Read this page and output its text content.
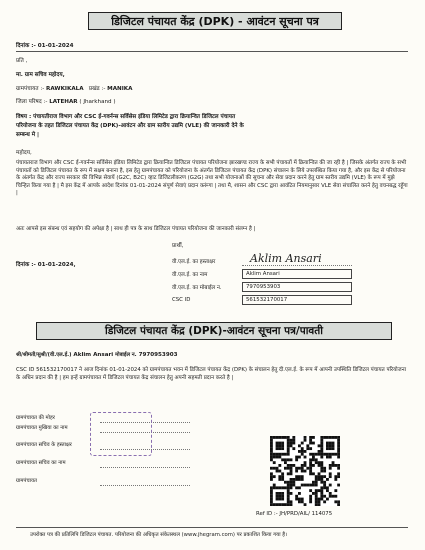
डिजिटल पंचायत केंद्र (DPK) - आवंटन सूचना पत्र
दिनांक :- 01-01-2024
प्रति ,
मा. ग्राम सचिव महोदय,
ग्रामपंचायत :- RAWKIKALA प्रखंड :- MANIKA
जिला परिषद :- LATEHAR ( Jharkhand )
विषय : पंचायतीराज विभाग और CSC ई-गवर्नन्स सर्विसेस इंडिया लिमिटेड द्वारा क्रियान्वित डिजिटल पंचायत
परियोजना के तहत डिजिटल पंचायत केंद्र (DPK)-आवंटन और ग्राम स्तरीय उद्यमि (VLE) की जानकारी देने के
सम्बन्ध मे |
महोदय,
पंचायतराज विभाग और CSC ई-गवर्नन्स सर्विसेस इंडिया लिमिटेड द्वारा क्रियान्वित डिजिटल पंचायत परियोजना झारखण्ड राज्य के सभी पंचायतों में क्रियान्वित की जा रही है | जिसके अंतर्गत राज्य के सभी पंचायतों को डिजिटल पंचायत के रूप में सक्षम बनाना है, इस हेतु ग्रामपंचायत को परियोजना के अंतर्गत डिजिटल पंचायत केंद्र (DPK) संचालन के लिये उपलब्धित किया गया है, और इस केंद्र से परियोजना के अंतर्गत केंद्र और राज्य सरकार की विभिन्न सेवायें (G2C, B2C) व्हाट डिजिटलीकरण (G2G) तथा सभी योजनाओं की सूचना और सेवा प्रदान करने हेतु ग्राम स्तरीय उद्यमि (VLE) के रूप में मुझे चिन्हित किया गया है | मै इस केंद्र में आपके आदेश दिनांक 01-01-2024 संपूर्ण सेवाएं प्रदान करूंगा | तथा मै, शासन और CSC द्वारा आवंटित नियमानुसार VLE सेवा संचालित करने हेतु वचनबद्ध रहूँगा |
अतः आपसे इस संबन्ध एवं सहयोग की अपेक्षा है | साथ ही पत्र के साथ डिजिटल पंचायत परियोजना की जानकारी संलग्न है |
प्रार्थी,
दिनांक :- 01-01-2024,
वी.एल.ई. का हस्ताक्षर
वी.एल.ई. का नाम	Aklim Ansari
वी.एल.ई. का मोबाईल न.	7970953903
CSC ID	561532170017
Aklim Ansari
डिजिटल पंचायत केंद्र (DPK)-आवंटन सूचना पत्र/पावती
श्री/श्रीमती/सुश्री/(वी.एल.ई.) Aklim Ansari मोबाईल न. 7970953903
CSC ID 561532170017 ने आज दिनांक 01-01-2024 को ग्रामपंचायत भवन में डिजिटल पंचायत केंद्र (DPK) के संचालन हेतु दी.एल.ई. के रूप में आपनी उपस्थिति डिजिटल पंचायत परियोजना के अधिन प्रदान की है | हम इन्हें ग्रामपंचायत में डिजिटल पंचायत केंद्र संचालन हेतु अपनी सहमती प्रदान करते है |
ग्रामपंचायत की मोहर
ग्रामपंचायत मुखिया का नाम
ग्रामपंचायत सचिव के हस्ताक्षर
ग्रामपंचायत सचिव का नाम
ग्रामपंचायत
Ref ID :- JH/PRD/AIL/ 114075
उपरोक्त पत्र की प्रतिलिपि डिजिटल पंचायत. परियोजना की अधिकृत संकेतस्थल (www.jhegram.com) पर प्रकाशित किया गया है।
